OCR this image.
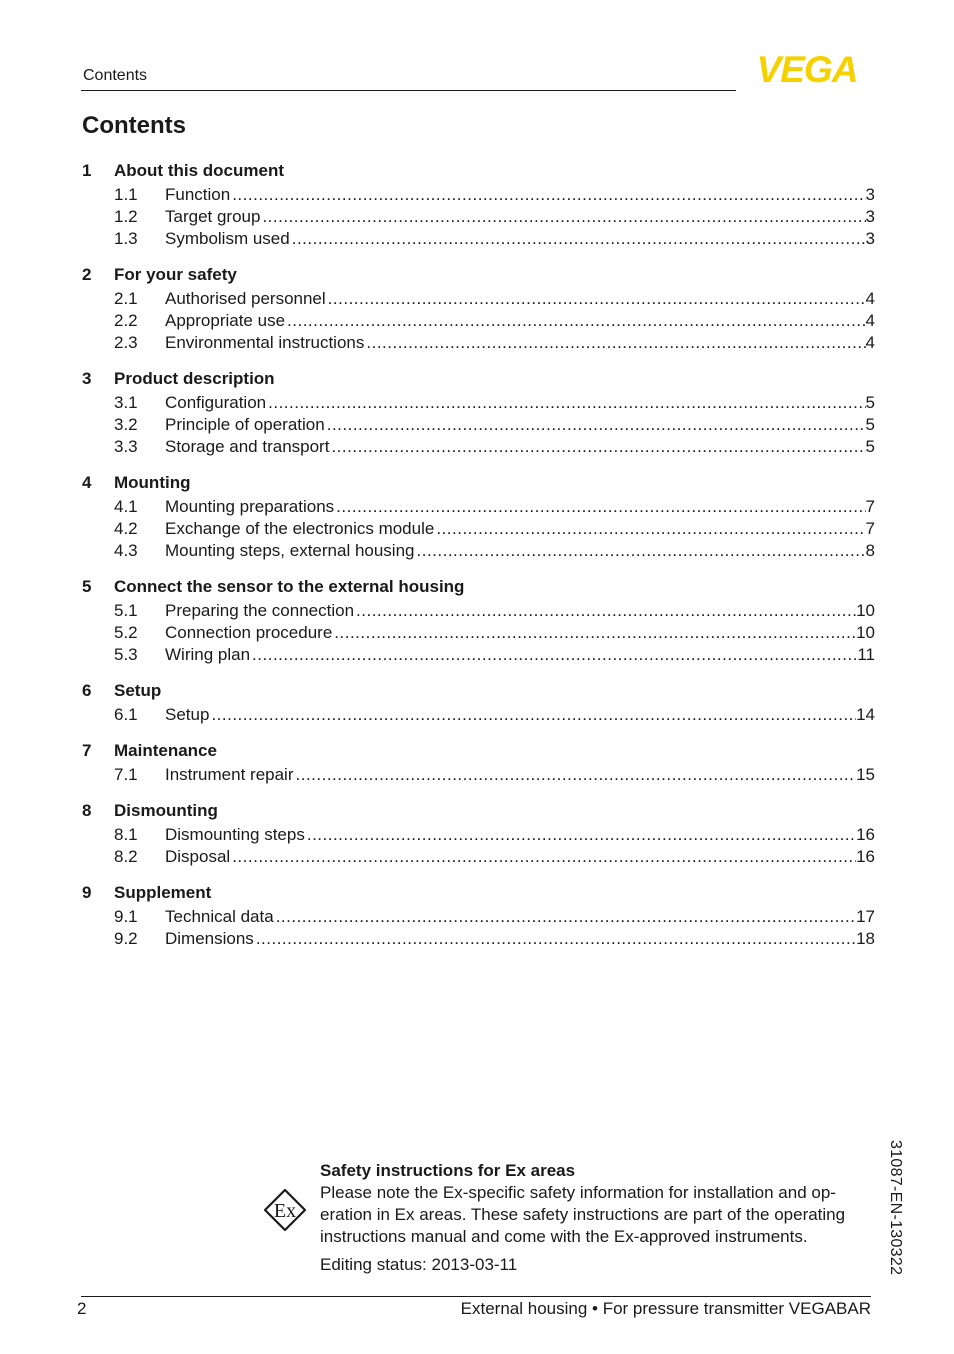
Contents	VEGA
Contents
1	About this document
1.1	Function .....	3
1.2	Target group .....	3
1.3	Symbolism used .....	3
2	For your safety
2.1	Authorised personnel .....	4
2.2	Appropriate use .....	4
2.3	Environmental instructions .....	4
3	Product description
3.1	Configuration .....	5
3.2	Principle of operation .....	5
3.3	Storage and transport .....	5
4	Mounting
4.1	Mounting preparations .....	7
4.2	Exchange of the electronics module .....	7
4.3	Mounting steps, external housing .....	8
5	Connect the sensor to the external housing
5.1	Preparing the connection .....	10
5.2	Connection procedure .....	10
5.3	Wiring plan .....	11
6	Setup
6.1	Setup .....	14
7	Maintenance
7.1	Instrument repair .....	15
8	Dismounting
8.1	Dismounting steps .....	16
8.2	Disposal .....	16
9	Supplement
9.1	Technical data .....	17
9.2	Dimensions .....	18
Ex
Safety instructions for Ex areas
Please note the Ex-specific safety information for installation and op-
eration in Ex areas. These safety instructions are part of the operating
instructions manual and come with the Ex-approved instruments.
Editing status: 2013-03-11	31087-EN-130322
2	External housing • For pressure transmitter VEGABAR
